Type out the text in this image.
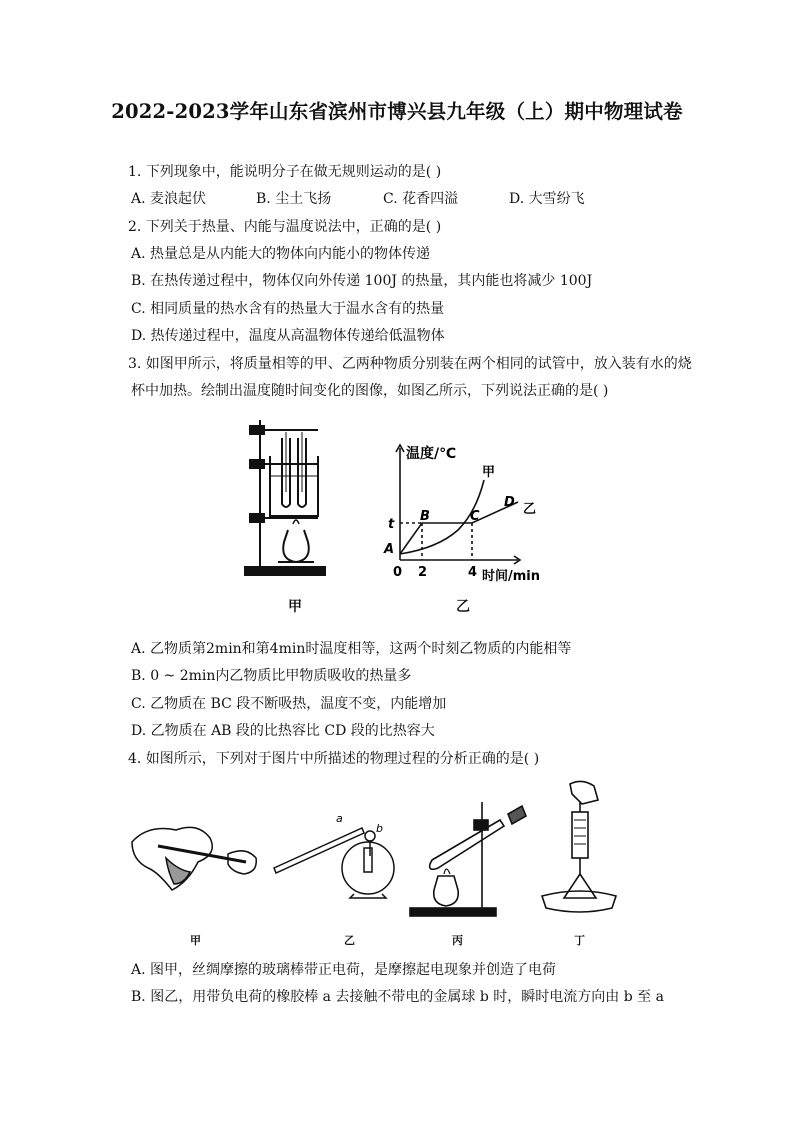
2022-2023学年山东省滨州市博兴县九年级（上）期中物理试卷
1. 下列现象中，能说明分子在做无规则运动的是( )
A. 麦浪起伏	B. 尘土飞扬	C. 花香四溢	D. 大雪纷飞
2. 下列关于热量、内能与温度说法中，正确的是( )
A. 热量总是从内能大的物体向内能小的物体传递
B. 在热传递过程中，物体仅向外传递 100J 的热量，其内能也将减少 100J
C. 相同质量的热水含有的热量大于温水含有的热量
D. 热传递过程中，温度从高温物体传递给低温物体
3. 如图甲所示，将质量相等的甲、乙两种物质分别装在两个相同的试管中，放入装有水的烧
杯中加热。绘制出温度随时间变化的图像，如图乙所示，下列说法正确的是( )
甲
温度/℃
时间/min
0 2	4
t
A
B	C
D
甲
乙
乙
A. 乙物质第2min和第4min时温度相等，这两个时刻乙物质的内能相等
B. 0 ~ 2min内乙物质比甲物质吸收的热量多
C. 乙物质在 BC 段不断吸热，温度不变，内能增加
D. 乙物质在 AB 段的比热容比 CD 段的比热容大
4. 如图所示，下列对于图片中所描述的物理过程的分析正确的是( )
甲
a
b
乙	丙	丁
A. 图甲，丝绸摩擦的玻璃棒带正电荷，是摩擦起电现象并创造了电荷
B. 图乙，用带负电荷的橡胶棒 a 去接触不带电的金属球 b 时，瞬时电流方向由 b 至 a
